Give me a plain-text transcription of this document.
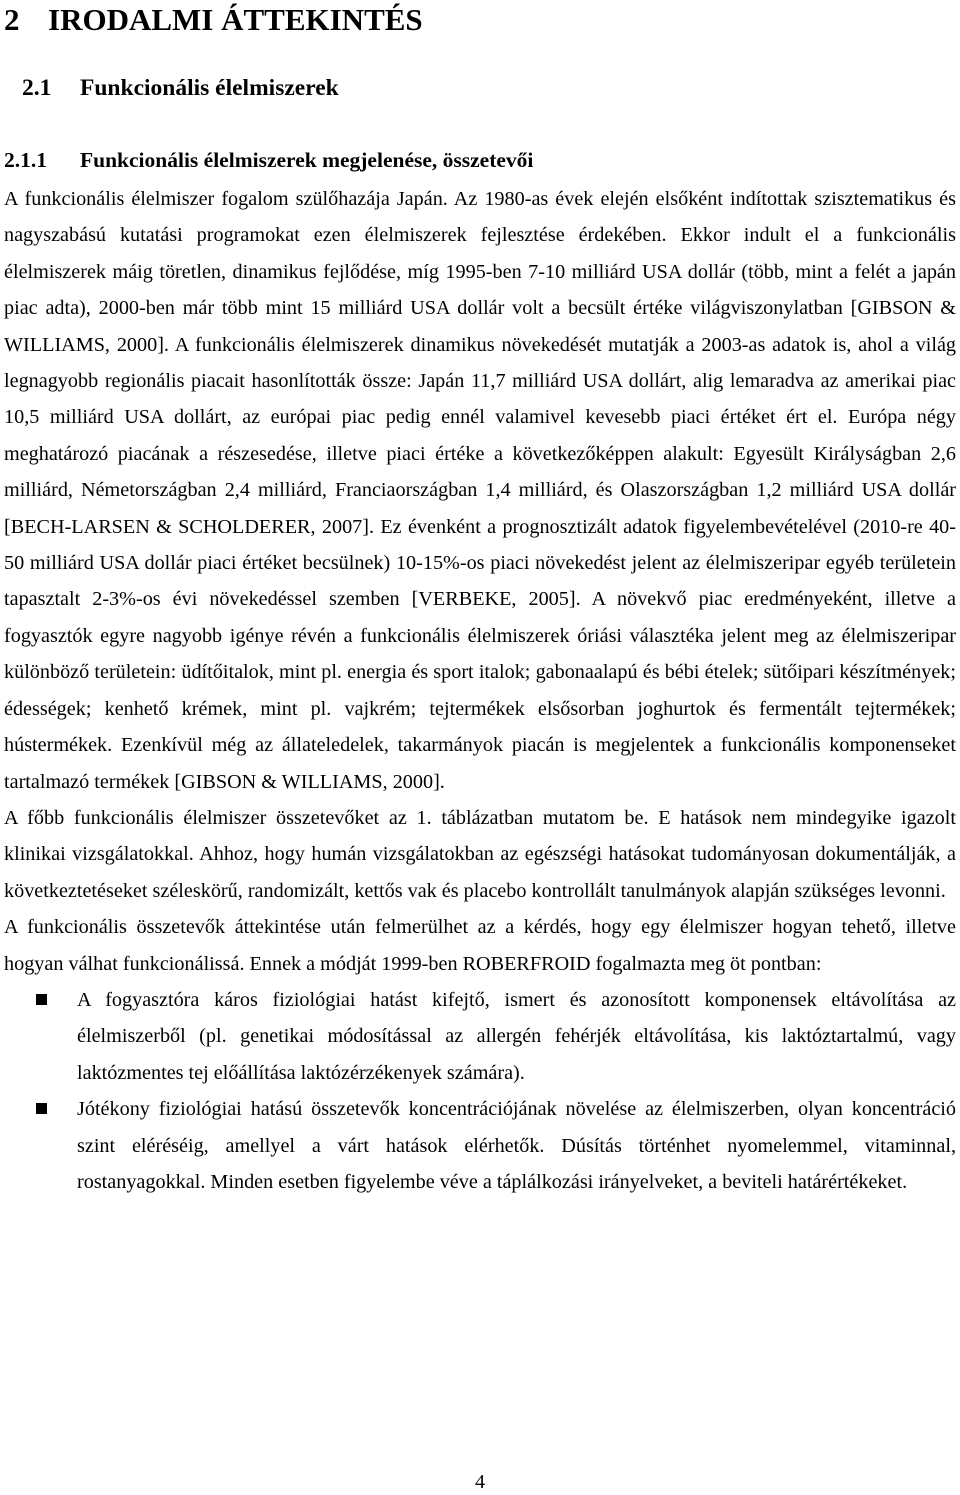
2 IRODALMI ÁTTEKINTÉS
2.1 Funkcionális élelmiszerek
2.1.1 Funkcionális élelmiszerek megjelenése, összetevői

A funkcionális élelmiszer fogalom szülőhazája Japán. Az 1980-as évek elején elsőként indítottak szisztematikus és nagyszabású kutatási programokat ezen élelmiszerek fejlesztése érdekében. Ekkor indult el a funkcionális élelmiszerek máig töretlen, dinamikus fejlődése, míg 1995-ben 7-10 milliárd USA dollár (több, mint a felét a japán piac adta), 2000-ben már több mint 15 milliárd USA dollár volt a becsült értéke világviszonylatban [GIBSON & WILLIAMS, 2000]. A funkcionális élelmiszerek dinamikus növekedését mutatják a 2003-as adatok is, ahol a világ legnagyobb regionális piacait hasonlították össze: Japán 11,7 milliárd USA dollárt, alig lemaradva az amerikai piac 10,5 milliárd USA dollárt, az európai piac pedig ennél valamivel kevesebb piaci értéket ért el. Európa négy meghatározó piacának a részesedése, illetve piaci értéke a következőképpen alakult: Egyesült Királyságban 2,6 milliárd, Németországban 2,4 milliárd, Franciaországban 1,4 milliárd, és Olaszországban 1,2 milliárd USA dollár [BECH-LARSEN & SCHOLDERER, 2007]. Ez évenként a prognosztizált adatok figyelembevételével (2010-re 40-50 milliárd USA dollár piaci értéket becsülnek) 10-15%-os piaci növekedést jelent az élelmiszeripar egyéb területein tapasztalt 2-3%-os évi növekedéssel szemben [VERBEKE, 2005]. A növekvő piac eredményeként, illetve a fogyasztók egyre nagyobb igénye révén a funkcionális élelmiszerek óriási választéka jelent meg az élelmiszeripar különböző területein: üdítőitalok, mint pl. energia és sport italok; gabonaalapú és bébi ételek; sütőipari készítmények; édességek; kenhető krémek, mint pl. vajkrém; tejtermékek elsősorban joghurtok és fermentált tejtermékek; hústermékek. Ezenkívül még az állateledelek, takarmányok piacán is megjelentek a funkcionális komponenseket tartalmazó termékek [GIBSON & WILLIAMS, 2000].

A főbb funkcionális élelmiszer összetevőket az 1. táblázatban mutatom be. E hatások nem mindegyike igazolt klinikai vizsgálatokkal. Ahhoz, hogy humán vizsgálatokban az egészségi hatásokat tudományosan dokumentálják, a következtetéseket széleskörű, randomizált, kettős vak és placebo kontrollált tanulmányok alapján szükséges levonni.

A funkcionális összetevők áttekintése után felmerülhet az a kérdés, hogy egy élelmiszer hogyan tehető, illetve hogyan válhat funkcionálissá. Ennek a módját 1999-ben ROBERFROID fogalmazta meg öt pontban:

A fogyasztóra káros fiziológiai hatást kifejtő, ismert és azonosított komponensek eltávolítása az élelmiszerből (pl. genetikai módosítással az allergén fehérjék eltávolítása, kis laktóztartalmú, vagy laktózmentes tej előállítása laktózérzékenyek számára).
Jótékony fiziológiai hatású összetevők koncentrációjának növelése az élelmiszerben, olyan koncentráció szint eléréséig, amellyel a várt hatások elérhetők. Dúsítás történhet nyomelemmel, vitaminnal, rostanyagokkal. Minden esetben figyelembe véve a táplálkozási irányelveket, a beviteli határértékeket.
4
